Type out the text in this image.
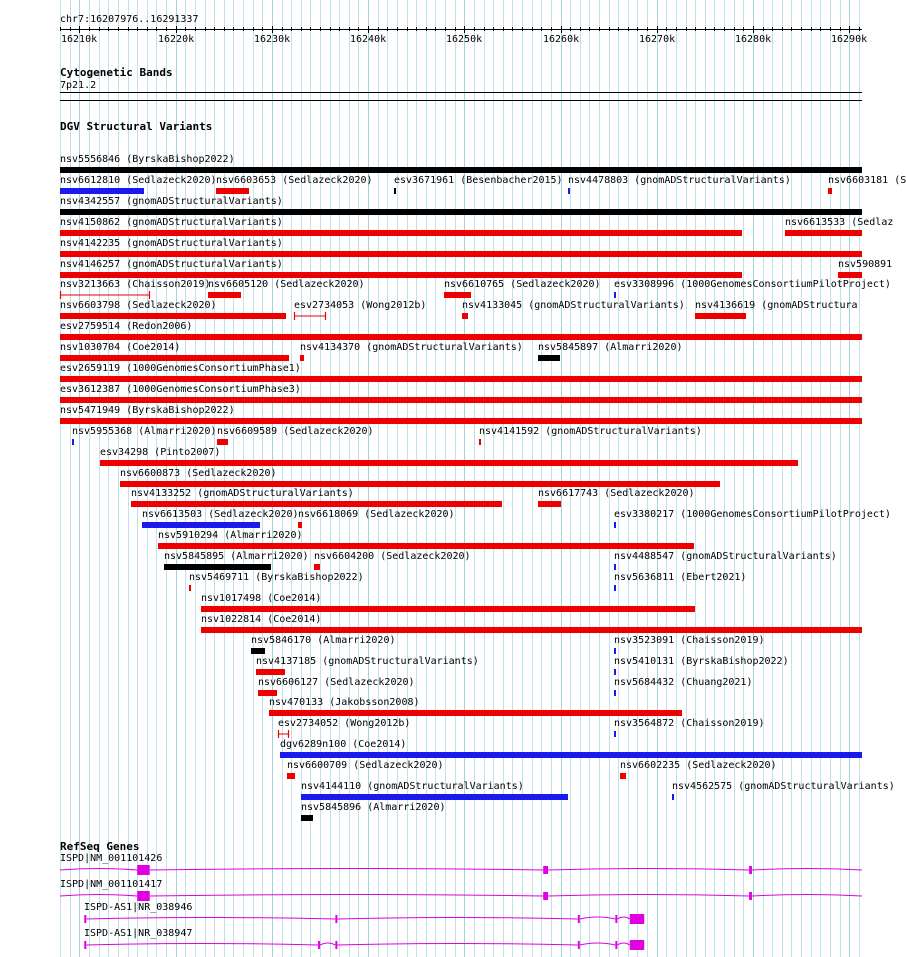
chr7:16207976..16291337
16210k	16220k	16230k	16240k	16250k	16260k	16270k	16280k	16290k
Cytogenetic Bands
7p21.2
DGV Structural Variants
nsv5556846 (ByrskaBishop2022)
nsv6612810 (Sedlazeck2020) nsv6603653 (Sedlazeck2020) esv3671961 (Besenbacher2015) nsv4478803 (gnomADStructuralVariants)	nsv6603181 (S
nsv4342557 (gnomADStructuralVariants)
nsv4150862 (gnomADStructuralVariants)	nsv6613533 (Sedlaz
nsv4142235 (gnomADStructuralVariants)
nsv4146257 (gnomADStructuralVariants)	nsv590891
nsv3213663 (Chaisson2019)
nsv6605120 (Sedlazeck2020)	nsv6610765 (Sedlazeck2020) esv3308996 (1000GenomesConsortiumPilotProject)
nsv6603798 (Sedlazeck2020)	esv2734053 (Wong2012b)	nsv4133045 (gnomADStructuralVariants) nsv4136619 (gnomADStructura
esv2759514 (Redon2006)
nsv1030704 (Coe2014)	nsv4134370 (gnomADStructuralVariants) nsv5845897 (Almarri2020)
esv2659119 (1000GenomesConsortiumPhase1)
esv3612387 (1000GenomesConsortiumPhase3)
nsv5471949 (ByrskaBishop2022)
nsv5955368 (Almarri2020) nsv6609589 (Sedlazeck2020)	nsv4141592 (gnomADStructuralVariants)
esv34298 (Pinto2007)
nsv6600873 (Sedlazeck2020)
nsv4133252 (gnomADStructuralVariants)	nsv6617743 (Sedlazeck2020)
nsv6613503 (Sedlazeck2020) nsv6618069 (Sedlazeck2020)	esv3380217 (1000GenomesConsortiumPilotProject)
nsv5910294 (Almarri2020)
nsv5845895 (Almarri2020) nsv6604200 (Sedlazeck2020)	nsv4488547 (gnomADStructuralVariants)
nsv5469711 (ByrskaBishop2022)	nsv5636811 (Ebert2021)
nsv1017498 (Coe2014)
nsv1022814 (Coe2014)
nsv5846170 (Almarri2020)	nsv3523091 (Chaisson2019)
nsv4137185 (gnomADStructuralVariants)	nsv5410131 (ByrskaBishop2022)
nsv6606127 (Sedlazeck2020)	nsv5684432 (Chuang2021)
nsv470133 (Jakobsson2008)
esv2734052 (Wong2012b)	nsv3564872 (Chaisson2019)
dgv6289n100 (Coe2014)
nsv6600709 (Sedlazeck2020)	nsv6602235 (Sedlazeck2020)
nsv4144110 (gnomADStructuralVariants)	nsv4562575 (gnomADStructuralVariants)
nsv5845896 (Almarri2020)
RefSeq Genes
ISPD|NM_001101426
ISPD|NM_001101417
ISPD-AS1|NR_038946
ISPD-AS1|NR_038947
